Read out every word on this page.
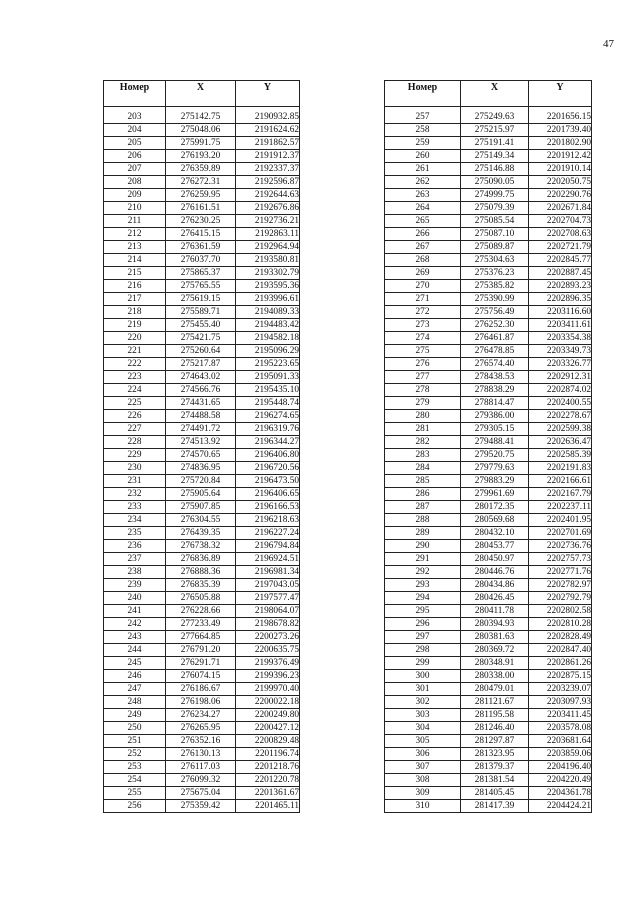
47
Номер	X	Y
203	275142.75	2190932.85
204	275048.06	2191624.62
205	275991.75	2191862.57
206	276193.20	2191912.37
207	276359.89	2192337.37
208	276272.31	2192596.87
209	276259.95	2192644.63
210	276161.51	2192676.86
211	276230.25	2192736.21
212	276415.15	2192863.11
213	276361.59	2192964.94
214	276037.70	2193580.81
215	275865.37	2193302.79
216	275765.55	2193595.36
217	275619.15	2193996.61
218	275589.71	2194089.33
219	275455.40	2194483.42
220	275421.75	2194582.18
221	275260.64	2195096.29
222	275217.87	2195223.65
223	274643.02	2195091.33
224	274566.76	2195435.10
225	274431.65	2195448.74
226	274488.58	2196274.65
227	274491.72	2196319.76
228	274513.92	2196344.27
229	274570.65	2196406.80
230	274836.95	2196720.56
231	275720.84	2196473.50
232	275905.64	2196406.65
233	275907.85	2196166.53
234	276304.55	2196218.63
235	276439.35	2196227.24
236	276738.32	2196794.84
237	276836.89	2196924.51
238	276888.36	2196981.34
239	276835.39	2197043.05
240	276505.88	2197577.47
241	276228.66	2198064.07
242	277233.49	2198678.82
243	277664.85	2200273.26
244	276791.20	2200635.75
245	276291.71	2199376.49
246	276074.15	2199396.23
247	276186.67	2199970.40
248	276198.06	2200022.18
249	276234.27	2200249.80
250	276265.95	2200427.12
251	276352.16	2200829.48
252	276130.13	2201196.74
253	276117.03	2201218.76
254	276099.32	2201220.78
255	275675.04	2201361.67
256	275359.42	2201465.11
Номер	X	Y
257	275249.63	2201656.15
258	275215.97	2201739.40
259	275191.41	2201802.90
260	275149.34	2201912.42
261	275146.88	2201910.14
262	275090.05	2202050.75
263	274999.75	2202290.76
264	275079.39	2202671.84
265	275085.54	2202704.73
266	275087.10	2202708.63
267	275089.87	2202721.79
268	275304.63	2202845.77
269	275376.23	2202887.45
270	275385.82	2202893.23
271	275390.99	2202896.35
272	275756.49	2203116.60
273	276252.30	2203411.61
274	276461.87	2203354.38
275	276478.85	2203349.73
276	276574.40	2203326.77
277	278438.53	2202912.31
278	278838.29	2202874.02
279	278814.47	2202400.55
280	279386.00	2202278.67
281	279305.15	2202599.38
282	279488.41	2202636.47
283	279520.75	2202585.39
284	279779.63	2202191.83
285	279883.29	2202166.61
286	279961.69	2202167.79
287	280172.35	2202237.11
288	280569.68	2202401.95
289	280432.10	2202701.69
290	280453.77	2202736.76
291	280450.97	2202757.73
292	280446.76	2202771.76
293	280434.86	2202782.97
294	280426.45	2202792.79
295	280411.78	2202802.58
296	280394.93	2202810.28
297	280381.63	2202828.49
298	280369.72	2202847.40
299	280348.91	2202861.26
300	280338.00	2202875.15
301	280479.01	2203239.07
302	281121.67	2203097.93
303	281195.58	2203411.45
304	281246.40	2203578.08
305	281297.87	2203681.64
306	281323.95	2203859.06
307	281379.37	2204196.40
308	281381.54	2204220.49
309	281405.45	2204361.78
310	281417.39	2204424.21
